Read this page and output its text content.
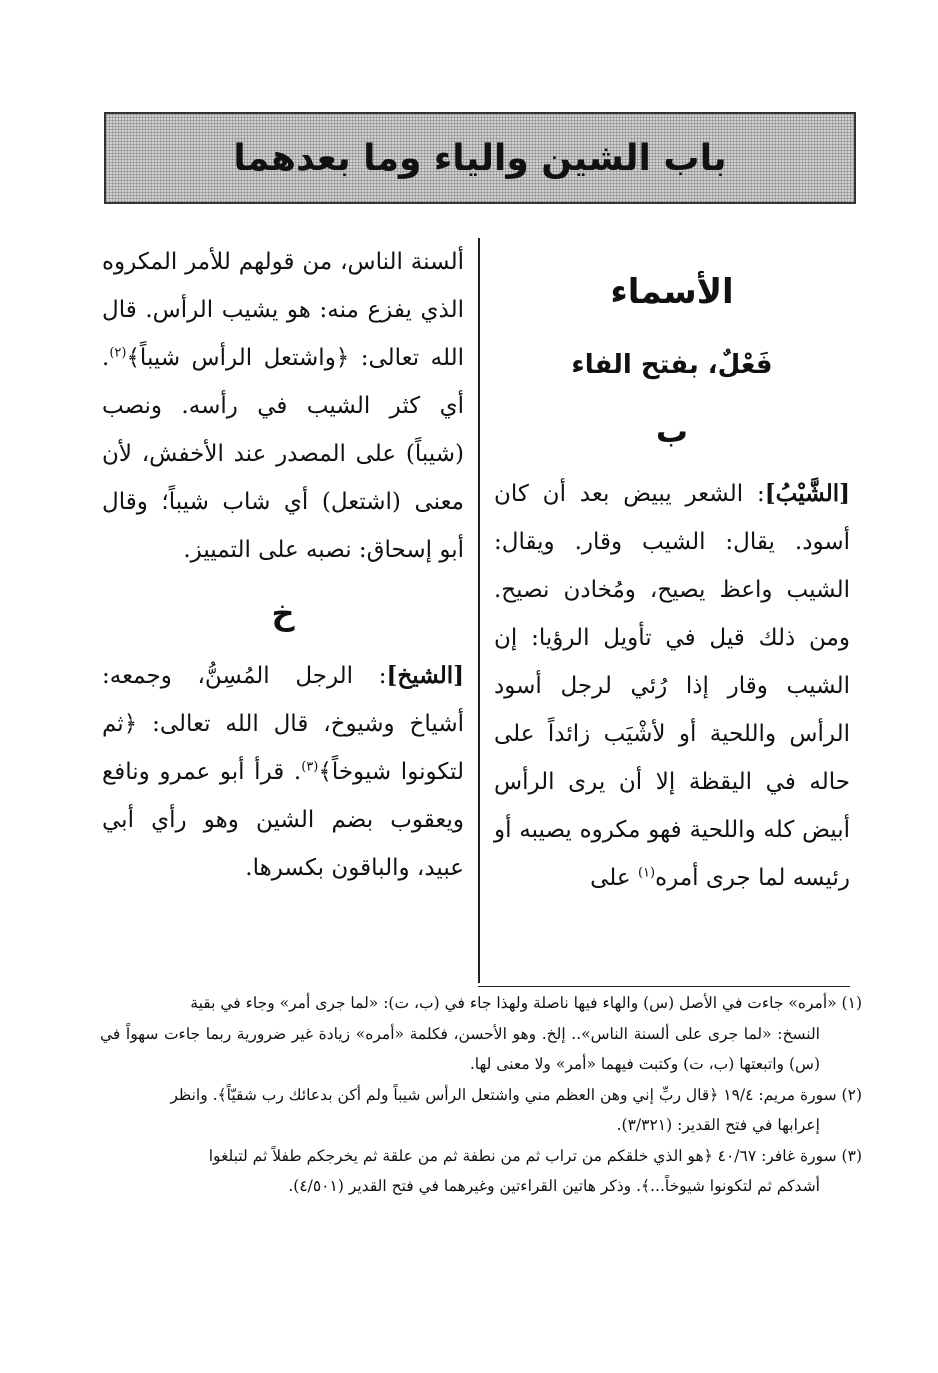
باب الشين والياء وما بعدهما
الأسماء
فَعْلٌ، بفتح الفاء
ب

[الشَّيْبُ]: الشعر يبيض بعد أن كان أسود. يقال: الشيب وقار. ويقال: الشيب واعظ يصيح، ومُخادن نصيح. ومن ذلك قيل في تأويل الرؤيا: إن الشيب وقار إذا رُئي لرجل أسود الرأس واللحية أو لأشْيَب زائداً على حاله في اليقظة إلا أن يرى الرأس أبيض كله واللحية فهو مكروه يصيبه أو رئيسه لما جرى أمره$^{(١)}$ على

ألسنة الناس، من قولهم للأمر المكروه الذي يفزع منه: هو يشيب الرأس. قال الله تعالى: ﴿واشتعل الرأس شيباً﴾$^{(٢)}$. أي كثر الشيب في رأسه. ونصب (شيباً) على المصدر عند الأخفش، لأن معنى (اشتعل) أي شاب شيباً؛ وقال أبو إسحاق: نصبه على التمييز.

خ

[الشيخ]: الرجل المُسِنُّ، وجمعه: أشياخ وشيوخ، قال الله تعالى: ﴿ثم لتكونوا شيوخاً﴾$^{(٣)}$. قرأ أبو عمرو ونافع ويعقوب بضم الشين وهو رأي أبي عبيد، والباقون بكسرها.

(١) «أمره» جاءت في الأصل (س) والهاء فيها ناصلة ولهذا جاء في (ب، ت): «لما جرى أمر» وجاء في بقية
النسخ: «لما جرى على ألسنة الناس».. إلخ. وهو الأحسن، فكلمة «أمره» زيادة غير ضرورية ربما جاءت سهواً في (س) واتبعتها (ب، ت) وكتبت فيهما «أمر» ولا معنى لها.

(٢) سورة مريم: ١٩/٤ ﴿قال ربِّ إني وهن العظم مني واشتعل الرأس شيباً ولم أكن بدعائك رب شقيّاً﴾. وانظر
إعرابها في فتح القدير: (٣/٣٢١).

(٣) سورة غافر: ٤٠/٦٧ ﴿هو الذي خلقكم من تراب ثم من نطفة ثم من علقة ثم يخرجكم طفلاً ثم لتبلغوا
أشدكم ثم لتكونوا شيوخاً...﴾. وذكر هاتين القراءتين وغيرهما في فتح القدير (٤/٥٠١).
